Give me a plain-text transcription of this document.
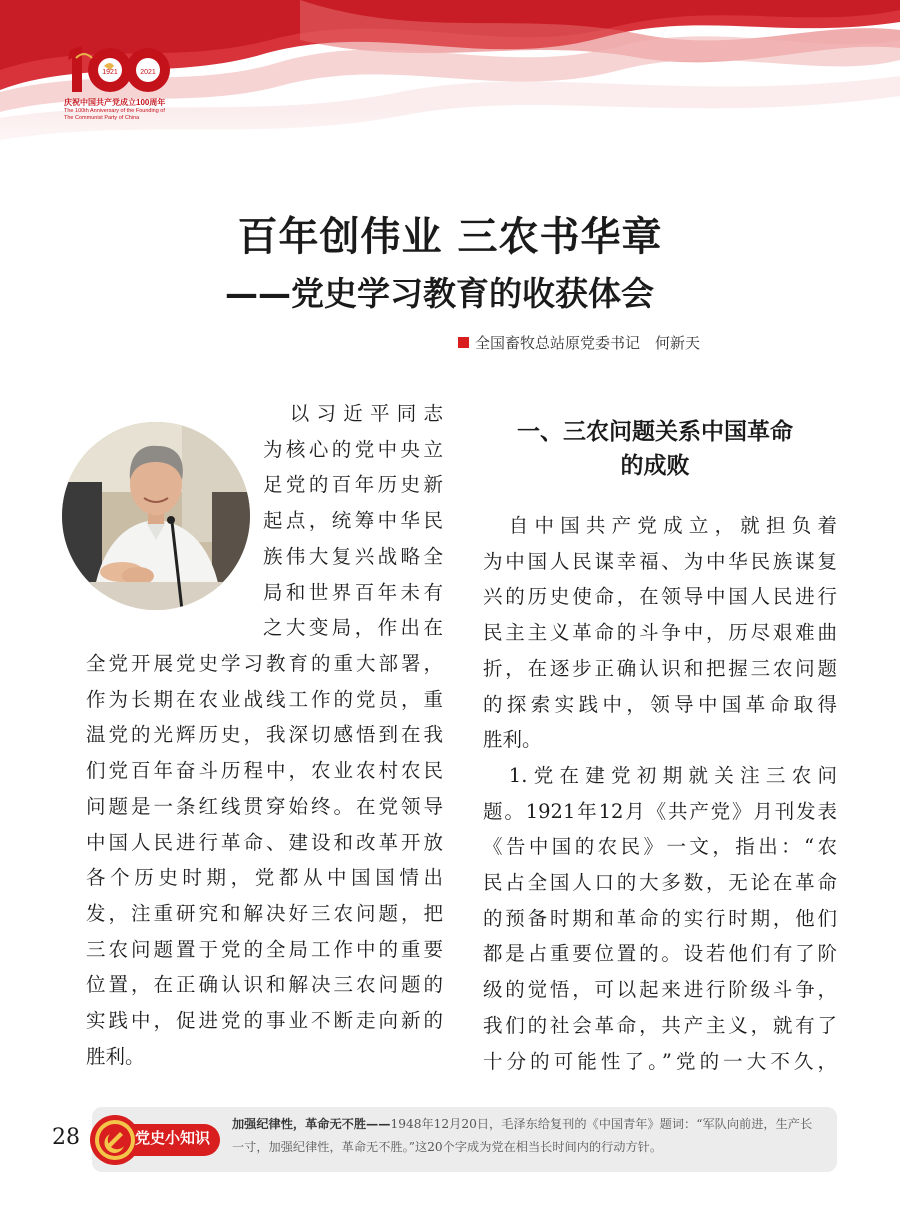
1921	2021
庆祝中国共产党成立100周年
The 100th Anniversary of the Founding of
The Communist Party of China
百年创伟业 三农书华章
——党史学习教育的收获体会
全国畜牧总站原党委书记　何新天
　以习近平同志
为核心的党中央立
足党的百年历史新
起点，统筹中华民
族伟大复兴战略全
局和世界百年未有
之大变局，作出在
全党开展党史学习教育的重大部署，
作为长期在农业战线工作的党员，重
温党的光辉历史，我深切感悟到在我
们党百年奋斗历程中，农业农村农民
问题是一条红线贯穿始终。在党领导
中国人民进行革命、建设和改革开放
各个历史时期，党都从中国国情出
发，注重研究和解决好三农问题，把
三农问题置于党的全局工作中的重要
位置，在正确认识和解决三农问题的
实践中，促进党的事业不断走向新的
胜利。
一、三农问题关系中国革命
的成败
　自中国共产党成立，就担负着
为中国人民谋幸福、为中华民族谋复
兴的历史使命，在领导中国人民进行
民主主义革命的斗争中，历尽艰难曲
折，在逐步正确认识和把握三农问题
的探索实践中，领导中国革命取得
胜利。
　1.党在建党初期就关注三农问
题。1921年12月《共产党》月刊发表
《告中国的农民》一文，指出：“农
民占全国人口的大多数，无论在革命
的预备时期和革命的实行时期，他们
都是占重要位置的。设若他们有了阶
级的觉悟，可以起来进行阶级斗争，
我们的社会革命，共产主义，就有了
十分的可能性了。”党的一大不久，
28	党史小知识
加强纪律性，革命无不胜——1948年12月20日，毛泽东给复刊的《中国青年》题词：“军队向前进，生产长一寸，加强纪律性，革命无不胜。”这20个字成为党在相当长时间内的行动方针。
